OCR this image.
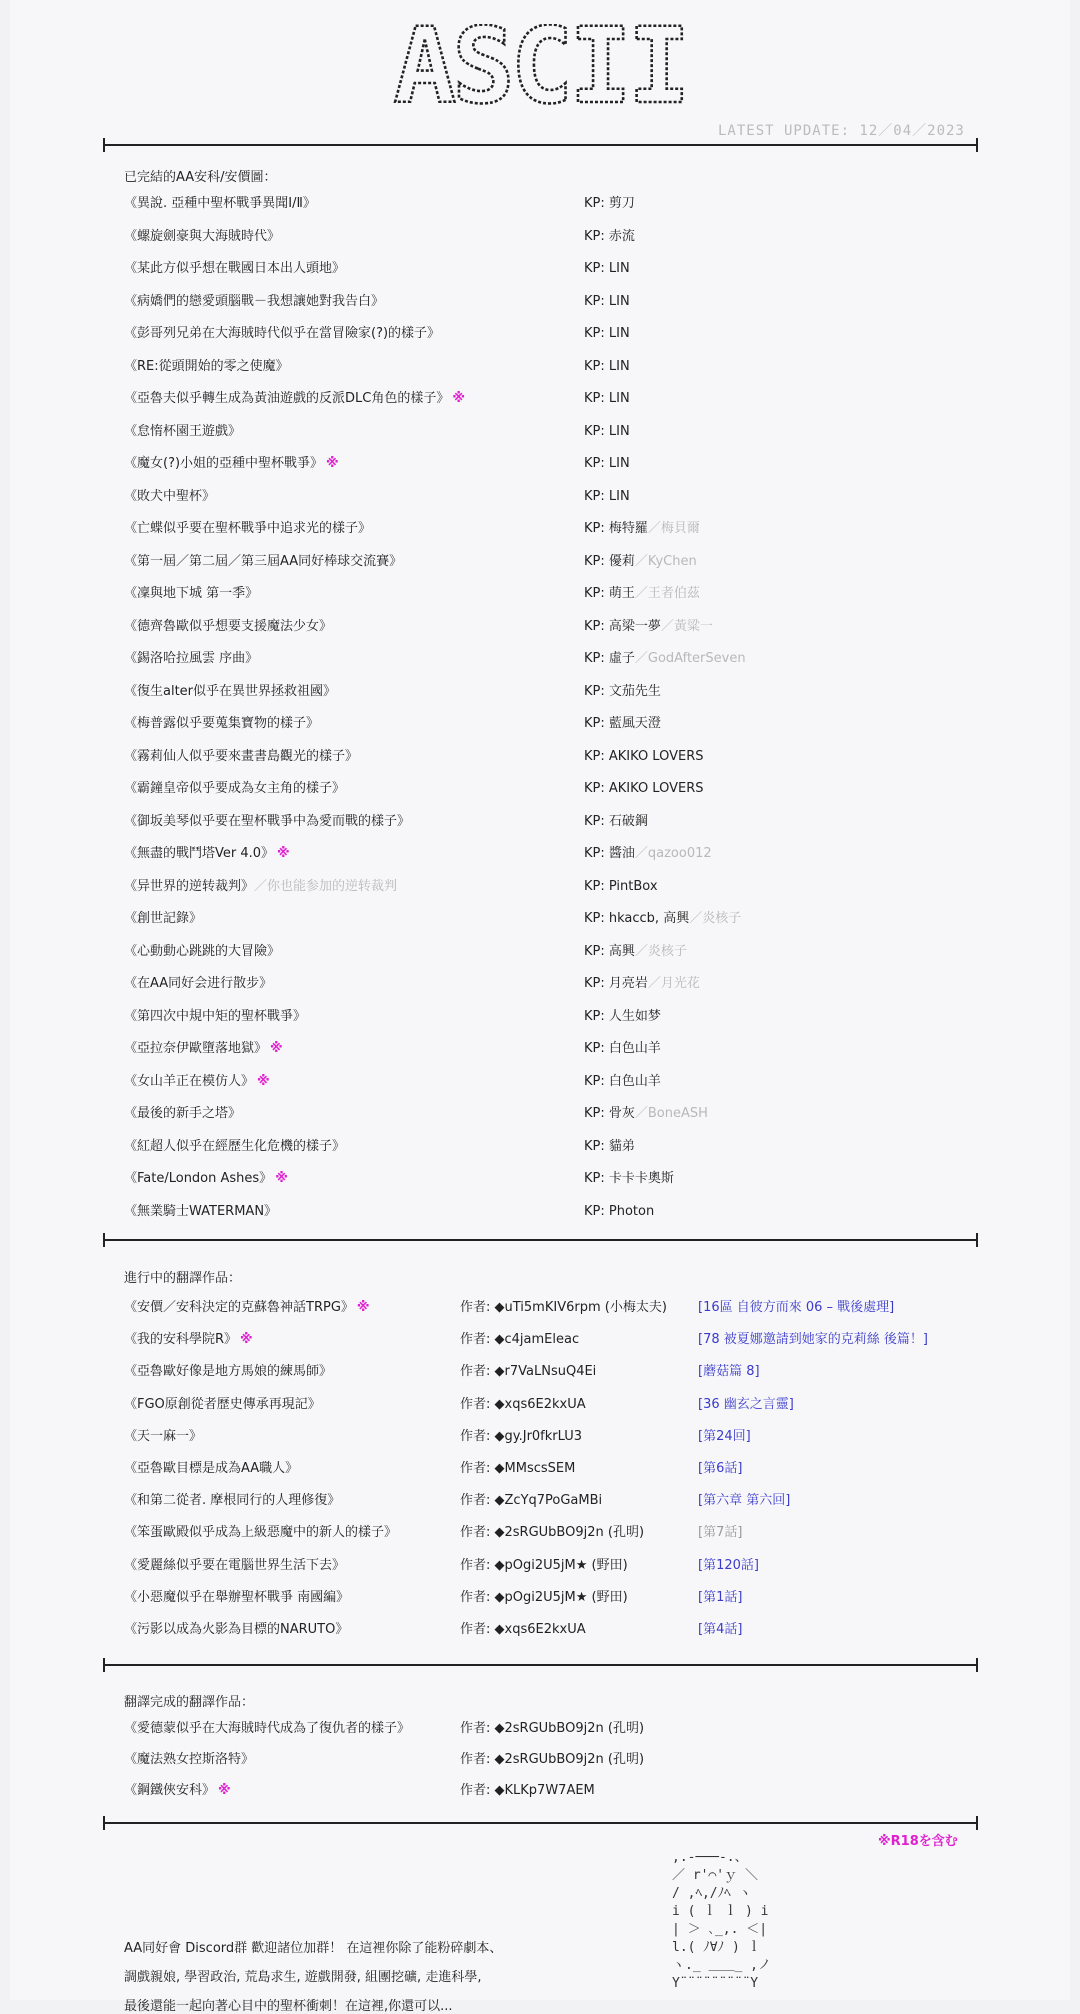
ASCII
LATEST UPDATE: 12／04／2023
已完結的AA安科/安價圖：
進行中的翻譯作品：
翻譯完成的翻譯作品：
※R18を含む
AA同好會 Discord群 歡迎諸位加群！ 在這裡你除了能粉碎劇本、
調戲親娘, 學習政治, 荒島求生, 遊戲開發, 組團挖礦, 走進科學,
最後還能一起向著心目中的聖杯衝刺！在這裡,你還可以...
,.-───-.、
／ r'⌒'ｙ ＼
/ ,ﾍ,/ﾉﾍ ヽ
i ( ｌ ｌ ) i
| ＞ ､_,. ＜|
l.( ﾉ∀ﾉ ) ｌ
ヽ._ ＿＿_ ,ノ
Y¨¨¨¨¨¨¨¨¨Y
《異說. 亞種中聖杯戰爭異聞Ⅰ/Ⅱ》	KP: 剪刀
《螺旋劍豪與大海賊時代》	KP: 赤流
《某此方似乎想在戰國日本出人頭地》	KP: LIN
《病嬌們的戀愛頭腦戰－我想讓她對我告白》	KP: LIN
《彭哥列兄弟在大海賊時代似乎在當冒險家(?)的樣子》	KP: LIN
《RE:從頭開始的零之使魔》	KP: LIN
《亞魯夫似乎轉生成為黃油遊戲的反派DLC角色的樣子》 ※	KP: LIN
《怠惰杯園王遊戲》	KP: LIN
《魔女(?)小姐的亞種中聖杯戰爭》 ※	KP: LIN
《敗犬中聖杯》	KP: LIN
《亡蝶似乎要在聖杯戰爭中追求光的樣子》	KP: 梅特羅／梅貝爾
《第一屆／第二屆／第三屆AA同好棒球交流賽》	KP: 優莉／KyChen
《凜與地下城 第一季》	KP: 萌王／王者伯茲
《德齊魯歐似乎想要支援魔法少女》	KP: 高梁一夢／黃粱一
《錫洛哈拉風雲 序曲》	KP: 虛子／GodAfterSeven
《復生alter似乎在異世界拯救祖國》	KP: 文茄先生
《梅普露似乎要蒐集寶物的樣子》	KP: 藍風天澄
《霧莉仙人似乎要來畫書島觀光的樣子》	KP: AKIKO LOVERS
《霸鐘皇帝似乎要成為女主角的樣子》	KP: AKIKO LOVERS
《御坂美琴似乎要在聖杯戰爭中為愛而戰的樣子》	KP: 石破鋼
《無盡的戰鬥塔Ver 4.0》 ※	KP: 醬油／qazoo012
《异世界的逆转裁判》／你也能参加的逆转裁判	KP: PintBox
《創世記錄》	KP: hkaccb, 高興／炎核子
《心動動心跳跳的大冒險》	KP: 高興／炎核子
《在AA同好会进行散步》	KP: 月亮岩／月光花
《第四次中規中矩的聖杯戰爭》	KP: 人生如梦
《亞拉奈伊歐墮落地獄》 ※	KP: 白色山羊
《女山羊正在模仿人》 ※	KP: 白色山羊
《最後的新手之塔》	KP: 骨灰／BoneASH
《紅超人似乎在經歷生化危機的樣子》	KP: 貓弟
《Fate/London Ashes》 ※	KP: 卡卡卡奧斯
《無業騎士WATERMAN》	KP: Photon
《安價／安科決定的克蘇魯神話TRPG》 ※	作者: ◆uTi5mKIV6rpm (小梅太夫) [16區 自彼方而來 06 – 戰後處理]
《我的安科學院R》 ※	作者: ◆c4jamEleac	[78 被夏娜邀請到她家的克莉絲 後篇！]
《亞魯歐好像是地方馬娘的練馬師》	作者: ◆r7VaLNsuQ4Ei	[蘑菇篇 8]
《FGO原創從者歷史傳承再現記》	作者: ◆xqs6E2kxUA	[36 幽玄之言靈]
《天一麻一》	作者: ◆gy.Jr0fkrLU3	[第24回]
《亞魯歐目標是成為AA職人》	作者: ◆MMscsSEM	[第6話]
《和第二從者. 摩根同行的人理修復》	作者: ◆ZcYq7PoGaMBi	[第六章 第六回]
《笨蛋歐殿似乎成為上級惡魔中的新人的樣子》	作者: ◆2sRGUbBO9j2n (孔明)	[第7話]
《愛麗絲似乎要在電腦世界生活下去》	作者: ◆pOgi2U5jM★ (野田)	[第120話]
《小惡魔似乎在舉辦聖杯戰爭 南國編》	作者: ◆pOgi2U5jM★ (野田)	[第1話]
《污影以成為火影為目標的NARUTO》	作者: ◆xqs6E2kxUA	[第4話]
《愛德蒙似乎在大海賊時代成為了復仇者的樣子》	作者: ◆2sRGUbBO9j2n (孔明)
《魔法熟女控斯洛特》	作者: ◆2sRGUbBO9j2n (孔明)
《鋼鐵俠安科》 ※	作者: ◆KLKp7W7AEM
